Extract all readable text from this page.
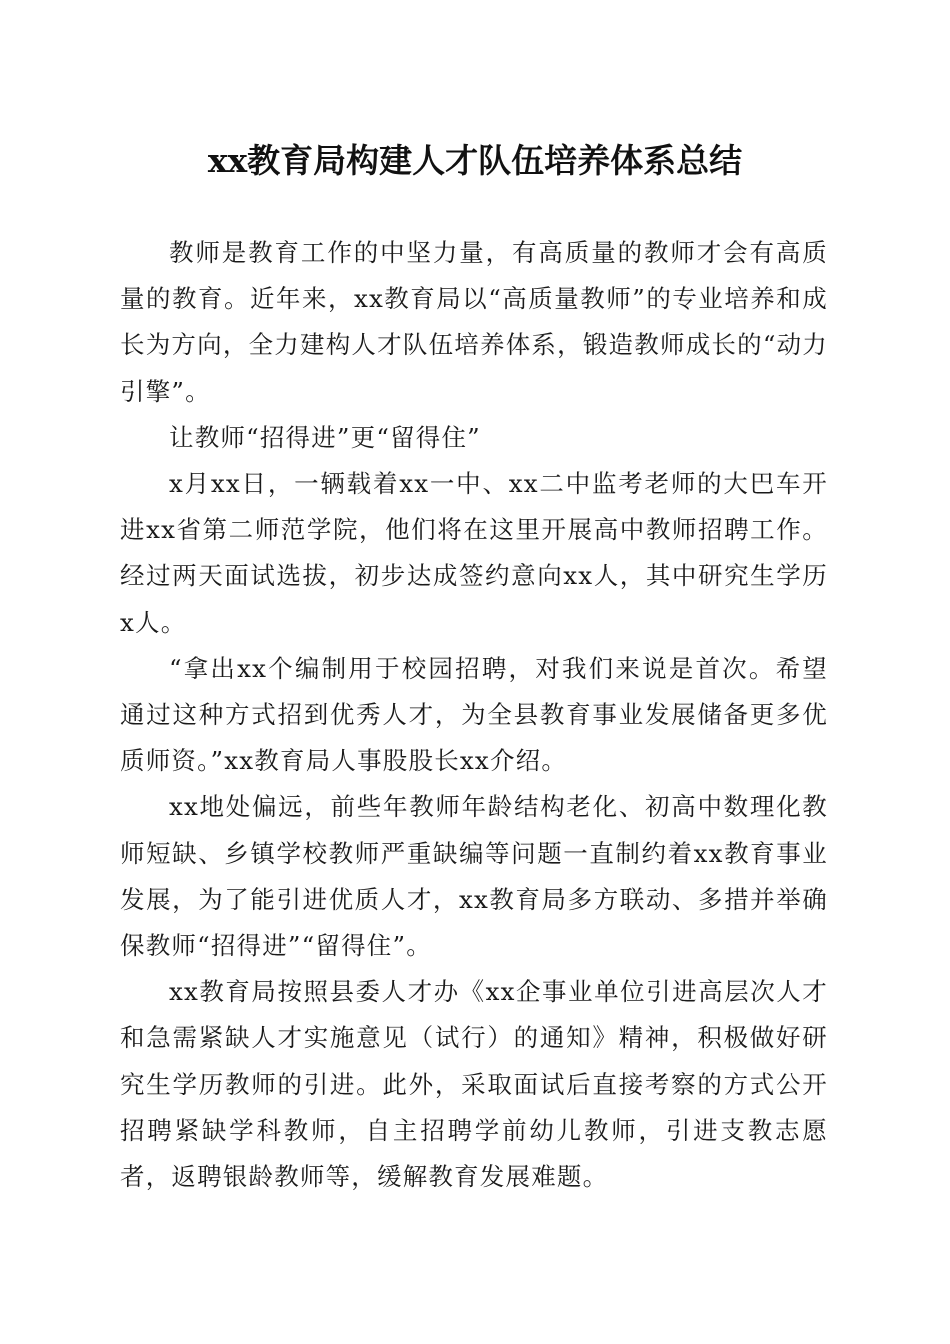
xx教育局构建人才队伍培养体系总结

教师是教育工作的中坚力量，有高质量的教师才会有高质量的教育。近年来，xx教育局以“高质量教师”的专业培养和成长为方向，全力建构人才队伍培养体系，锻造教师成长的“动力引擎”。

让教师“招得进”更“留得住”

x月xx日，一辆载着xx一中、xx二中监考老师的大巴车开进xx省第二师范学院，他们将在这里开展高中教师招聘工作。经过两天面试选拔，初步达成签约意向xx人，其中研究生学历x人。

“拿出xx个编制用于校园招聘，对我们来说是首次。希望通过这种方式招到优秀人才，为全县教育事业发展储备更多优质师资。”xx教育局人事股股长xx介绍。

xx地处偏远，前些年教师年龄结构老化、初高中数理化教师短缺、乡镇学校教师严重缺编等问题一直制约着xx教育事业发展，为了能引进优质人才，xx教育局多方联动、多措并举确保教师“招得进”“留得住”。

xx教育局按照县委人才办《xx企事业单位引进高层次人才和急需紧缺人才实施意见（试行）的通知》精神，积极做好研究生学历教师的引进。此外，采取面试后直接考察的方式公开招聘紧缺学科教师，自主招聘学前幼儿教师，引进支教志愿者，返聘银龄教师等，缓解教育发展难题。
